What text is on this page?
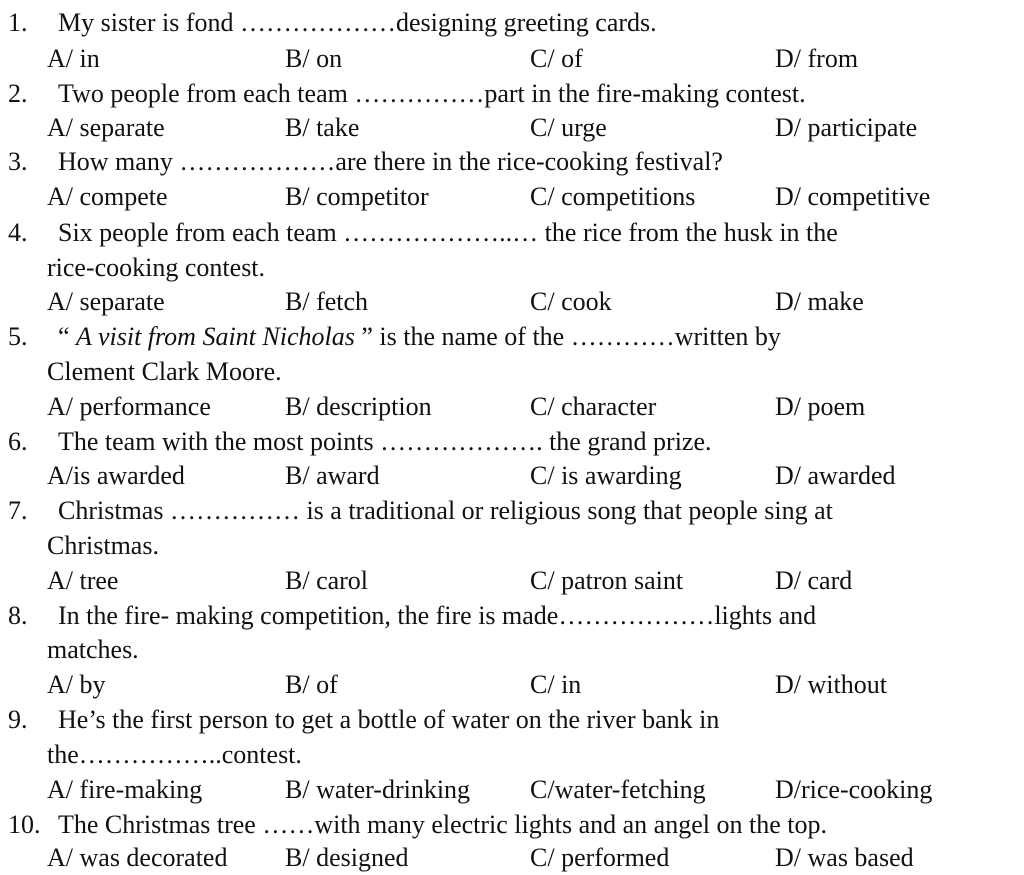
1. My sister is fond ………………designing greeting cards.
A/ in	B/ on	C/ of	D/ from
2. Two people from each team ……………part in the fire-making contest.
A/ separate	B/ take	C/ urge	D/ participate
3. How many ………………are there in the rice-cooking festival?
A/ compete	B/ competitor	C/ competitions	D/ competitive
4. Six people from each team ………………..… the rice from the husk in the
rice-cooking contest.
A/ separate	B/ fetch	C/ cook	D/ make
5. “ A visit from Saint Nicholas ” is the name of the …………written by
Clement Clark Moore.
A/ performance	B/ description	C/ character	D/ poem
6. The team with the most points ………………. the grand prize.
A/is awarded	B/ award	C/ is awarding	D/ awarded
7. Christmas …………… is a traditional or religious song that people sing at
Christmas.
A/ tree	B/ carol	C/ patron saint	D/ card
8. In the fire- making competition, the fire is made………………lights and
matches.
A/ by	B/ of	C/ in	D/ without
9. He’s the first person to get a bottle of water on the river bank in
the……………..contest.
A/ fire-making	B/ water-drinking C/water-fetching	D/rice-cooking
10. The Christmas tree ……with many electric lights and an angel on the top.
A/ was decorated B/ designed	C/ performed	D/ was based
